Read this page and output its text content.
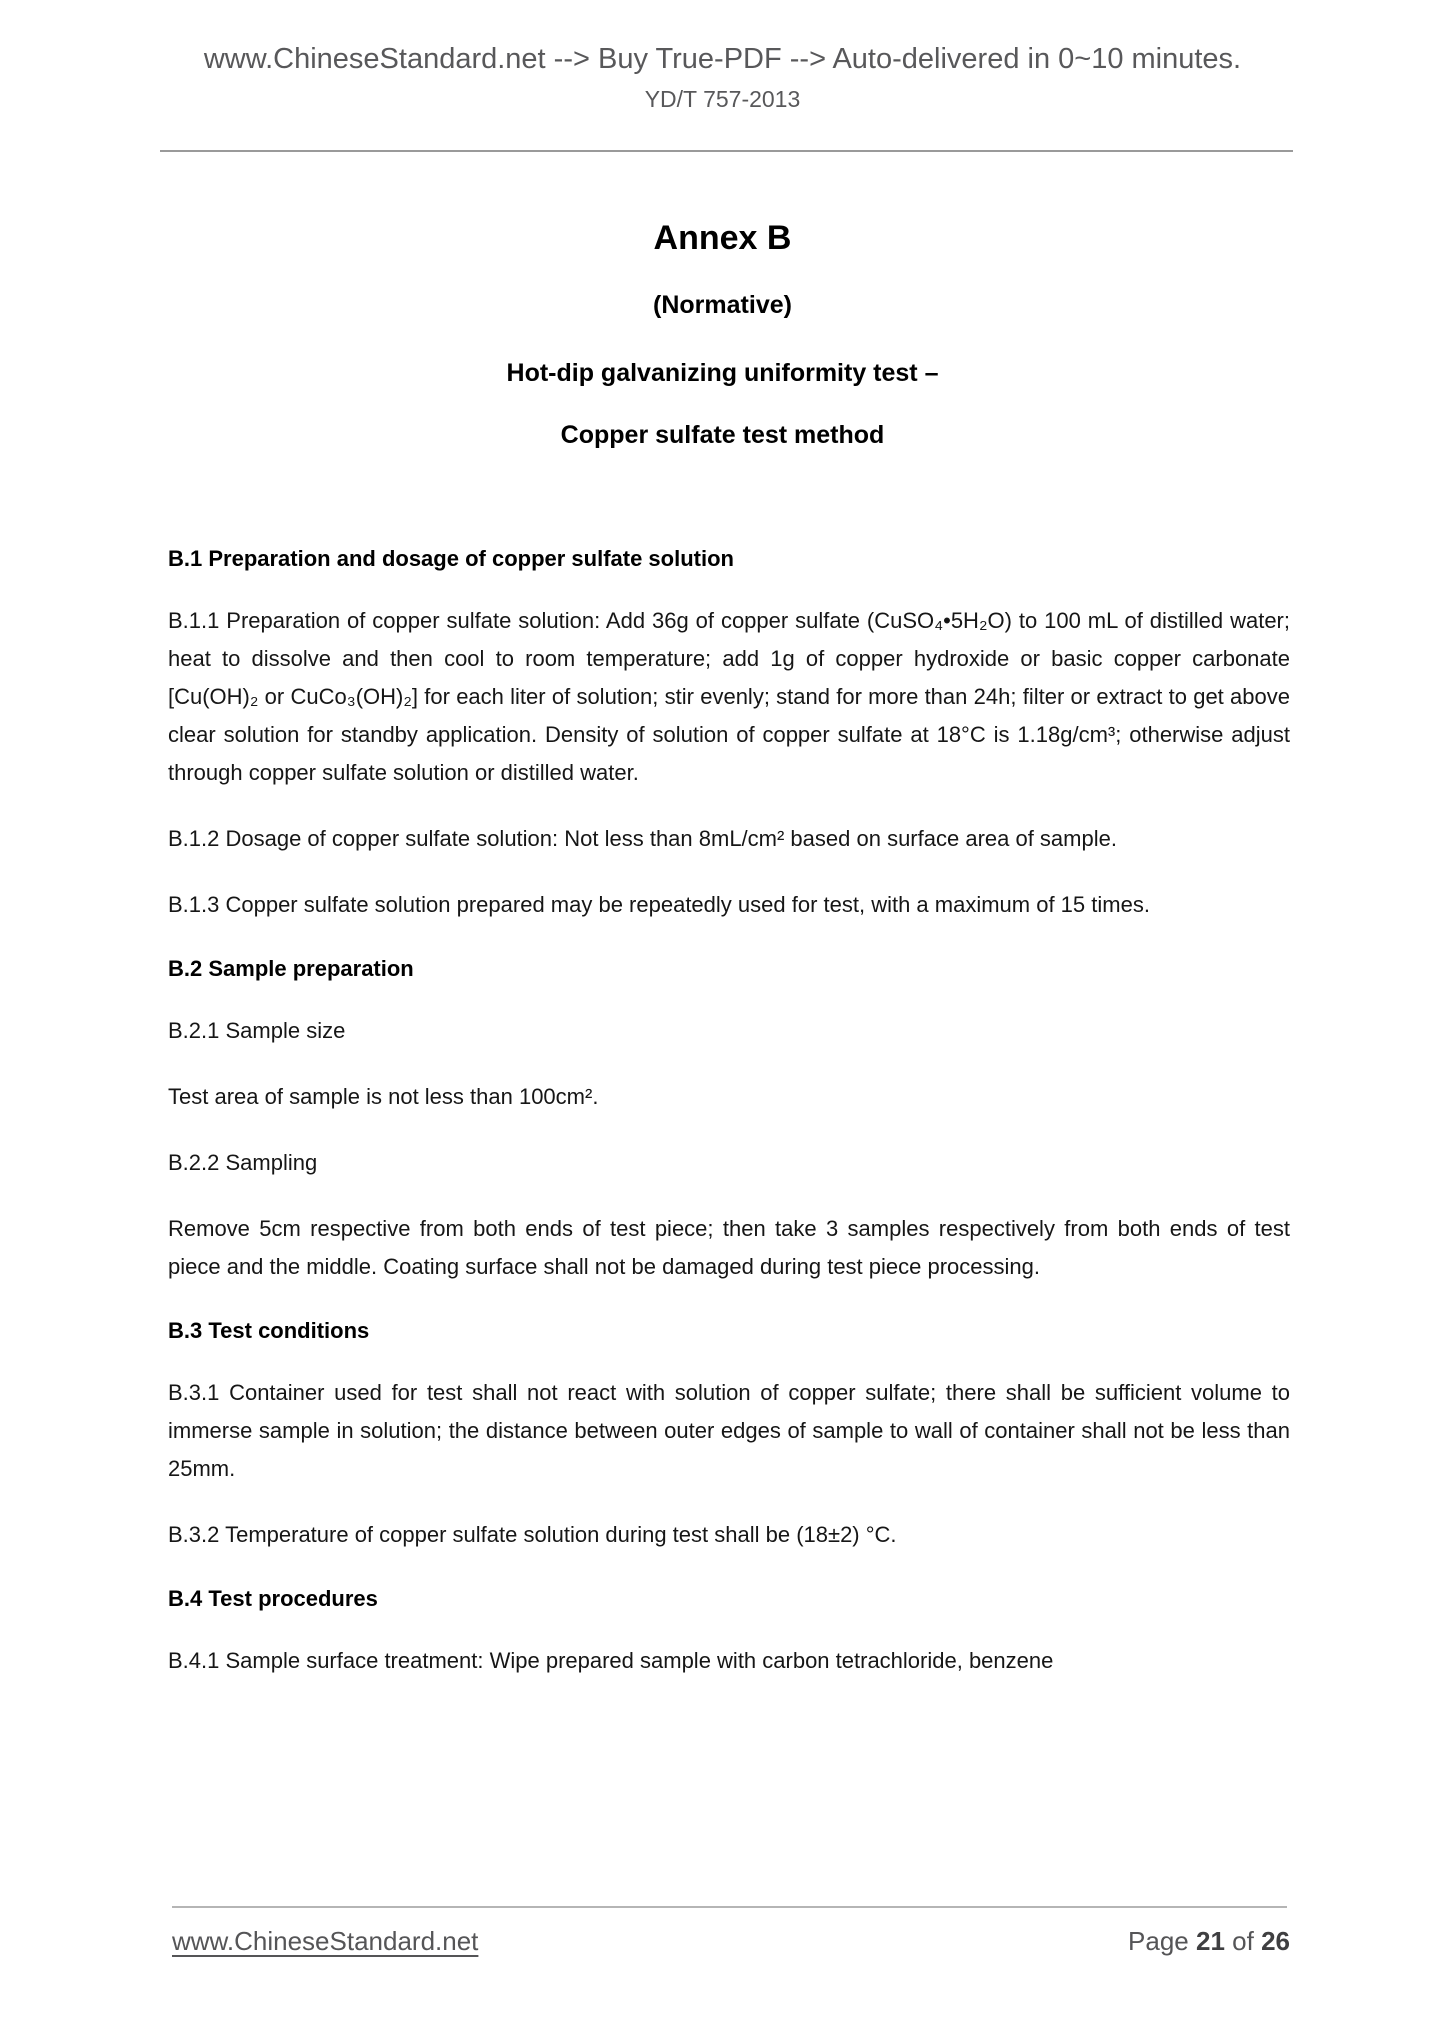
www.ChineseStandard.net --> Buy True-PDF --> Auto-delivered in 0~10 minutes.
YD/T 757-2013
Annex B
(Normative)
Hot-dip galvanizing uniformity test –
Copper sulfate test method

B.1 Preparation and dosage of copper sulfate solution

B.1.1 Preparation of copper sulfate solution: Add 36g of copper sulfate (CuSO₄•5H₂O) to 100 mL of distilled water; heat to dissolve and then cool to room temperature; add 1g of copper hydroxide or basic copper carbonate [Cu(OH)₂ or CuCo₃(OH)₂] for each liter of solution; stir evenly; stand for more than 24h; filter or extract to get above clear solution for standby application. Density of solution of copper sulfate at 18°C is 1.18g/cm³; otherwise adjust through copper sulfate solution or distilled water.

B.1.2 Dosage of copper sulfate solution: Not less than 8mL/cm² based on surface area of sample.

B.1.3 Copper sulfate solution prepared may be repeatedly used for test, with a maximum of 15 times.

B.2 Sample preparation

B.2.1 Sample size

Test area of sample is not less than 100cm².

B.2.2 Sampling

Remove 5cm respective from both ends of test piece; then take 3 samples respectively from both ends of test piece and the middle. Coating surface shall not be damaged during test piece processing.

B.3 Test conditions

B.3.1 Container used for test shall not react with solution of copper sulfate; there shall be sufficient volume to immerse sample in solution; the distance between outer edges of sample to wall of container shall not be less than 25mm.

B.3.2 Temperature of copper sulfate solution during test shall be (18±2) °C.

B.4 Test procedures

B.4.1 Sample surface treatment: Wipe prepared sample with carbon tetrachloride, benzene

www.ChineseStandard.net	Page 21 of 26
